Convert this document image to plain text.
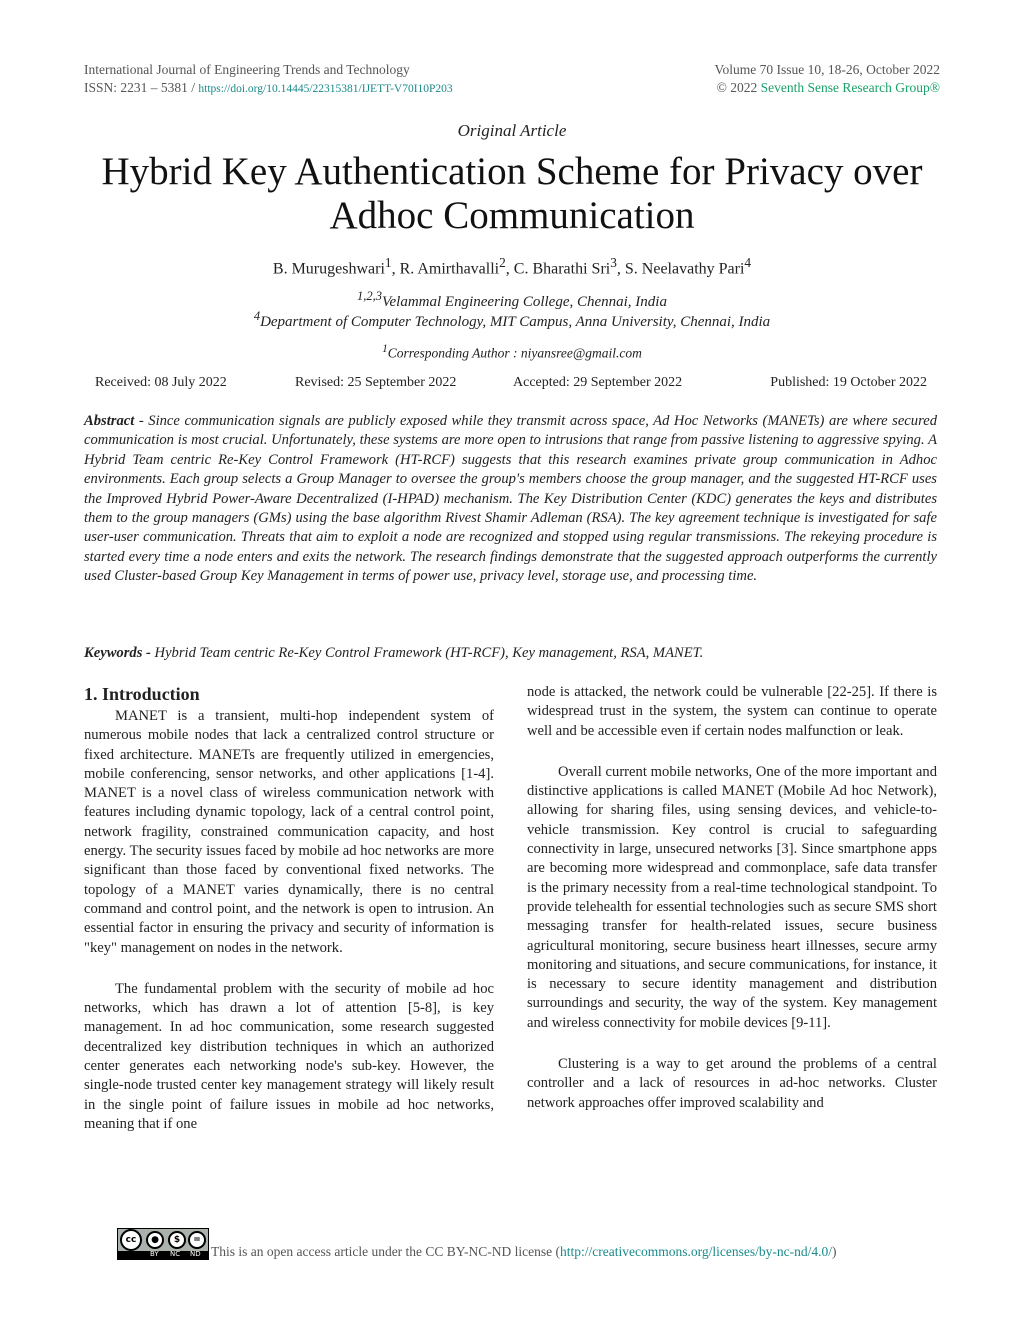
International Journal of Engineering Trends and Technology
ISSN: 2231 – 5381 / https://doi.org/10.14445/22315381/IJETT-V70I10P203
Volume 70 Issue 10, 18-26, October 2022
© 2022 Seventh Sense Research Group®
Original Article
Hybrid Key Authentication Scheme for Privacy over Adhoc Communication
B. Murugeshwari$^1$, R. Amirthavalli$^2$, C. Bharathi Sri$^3$, S. Neelavathy Pari$^4$
$^{1,2,3}$Velammal Engineering College, Chennai, India
$^4$Department of Computer Technology, MIT Campus, Anna University, Chennai, India
$^1$Corresponding Author : niyansree@gmail.com
Received: 08 July 2022	Revised: 25 September 2022	Accepted: 29 September 2022	Published: 19 October 2022

Abstract - Since communication signals are publicly exposed while they transmit across space, Ad Hoc Networks (MANETs) are where secured communication is most crucial. Unfortunately, these systems are more open to intrusions that range from passive listening to aggressive spying. A Hybrid Team centric Re-Key Control Framework (HT-RCF) suggests that this research examines private group communication in Adhoc environments. Each group selects a Group Manager to oversee the group's members choose the group manager, and the suggested HT-RCF uses the Improved Hybrid Power-Aware Decentralized (I-HPAD) mechanism. The Key Distribution Center (KDC) generates the keys and distributes them to the group managers (GMs) using the base algorithm Rivest Shamir Adleman (RSA). The key agreement technique is investigated for safe user-user communication. Threats that aim to exploit a node are recognized and stopped using regular transmissions. The rekeying procedure is started every time a node enters and exits the network. The research findings demonstrate that the suggested approach outperforms the currently used Cluster-based Group Key Management in terms of power use, privacy level, storage use, and processing time.

Keywords - Hybrid Team centric Re-Key Control Framework (HT-RCF), Key management, RSA, MANET.

1. Introduction

MANET is a transient, multi-hop independent system of numerous mobile nodes that lack a centralized control structure or fixed architecture. MANETs are frequently utilized in emergencies, mobile conferencing, sensor networks, and other applications [1-4]. MANET is a novel class of wireless communication network with features including dynamic topology, lack of a central control point, network fragility, constrained communication capacity, and host energy. The security issues faced by mobile ad hoc networks are more significant than those faced by conventional fixed networks. The topology of a MANET varies dynamically, there is no central command and control point, and the network is open to intrusion. An essential factor in ensuring the privacy and security of information is "key" management on nodes in the network.

The fundamental problem with the security of mobile ad hoc networks, which has drawn a lot of attention [5-8], is key management. In ad hoc communication, some research suggested decentralized key distribution techniques in which an authorized center generates each networking node's sub-key. However, the single-node trusted center key management strategy will likely result in the single point of failure issues in mobile ad hoc networks, meaning that if one

node is attacked, the network could be vulnerable [22-25]. If there is widespread trust in the system, the system can continue to operate well and be accessible even if certain nodes malfunction or leak.

Overall current mobile networks, One of the more important and distinctive applications is called MANET (Mobile Ad hoc Network), allowing for sharing files, using sensing devices, and vehicle-to-vehicle transmission. Key control is crucial to safeguarding connectivity in large, unsecured networks [3]. Since smartphone apps are becoming more widespread and commonplace, safe data transfer is the primary necessity from a real-time technological standpoint. To provide telehealth for essential technologies such as secure SMS short messaging transfer for health-related issues, secure business agricultural monitoring, secure business heart illnesses, secure army monitoring and situations, and secure communications, for instance, it is necessary to secure identity management and distribution surroundings and security, the way of the system. Key management and wireless connectivity for mobile devices [9-11].

Clustering is a way to get around the problems of a central controller and a lack of resources in ad-hoc networks. Cluster network approaches offer improved scalability and

cc	●	$	=
BY NC ND This is an open access article under the CC BY-NC-ND license (http://creativecommons.org/licenses/by-nc-nd/4.0/)
